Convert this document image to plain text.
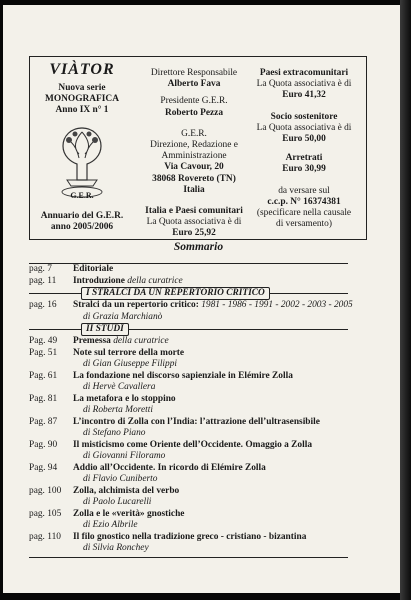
VIÀTOR
Nuova serie
MONOGRAFICA
Anno IX n° 1
G.E.R.
Annuario del G.E.R.
anno 2005/2006
Direttore Responsabile
Alberto Fava
Presidente G.E.R.
Roberto Pezza
G.E.R.
Direzione, Redazione e
Amministrazione
Via Cavour, 20
38068 Rovereto (TN)
Italia
Italia e Paesi comunitari
La Quota associativa è di
Euro 25,92
Paesi extracomunitari
La Quota associativa è di
Euro 41,32
Socio sostenitore
La Quota associativa è di
Euro 50,00
Arretrati
Euro 30,99
da versare sul
c.c.p. N° 16374381
(specificare nella causale
di versamento)
Sommario
pag. 7 Editoriale
pag. 11 Introduzione della curatrice
I STRALCI DA UN REPERTORIO CRITICO
pag. 16 Stralci da un repertorio critico: 1981 - 1986 - 1991 - 2002 - 2003 - 2005
di Grazia Marchianò
II STUDI
Pag. 49 Premessa della curatrice
Pag. 51 Note sul terrore della morte
di Gian Giuseppe Filippi
Pag. 61 La fondazione nel discorso sapienziale in Elémire Zolla
di Hervè Cavallera
Pag. 81 La metafora e lo stoppino
di Roberta Moretti
Pag. 87 L’incontro di Zolla con l’India: l’attrazione dell’ultrasensibile
di Stefano Piano
Pag. 90 Il misticismo come Oriente dell’Occidente. Omaggio a Zolla
di Giovanni Filoramo
Pag. 94 Addio all’Occidente. In ricordo di Elémire Zolla
di Flavio Cuniberto
pag. 100 Zolla, alchimista del verbo
di Paolo Lucarelli
pag. 105 Zolla e le «verità» gnostiche
di Ezio Albrile
pag. 110 Il filo gnostico nella tradizione greco - cristiano - bizantina
di Silvia Ronchey
